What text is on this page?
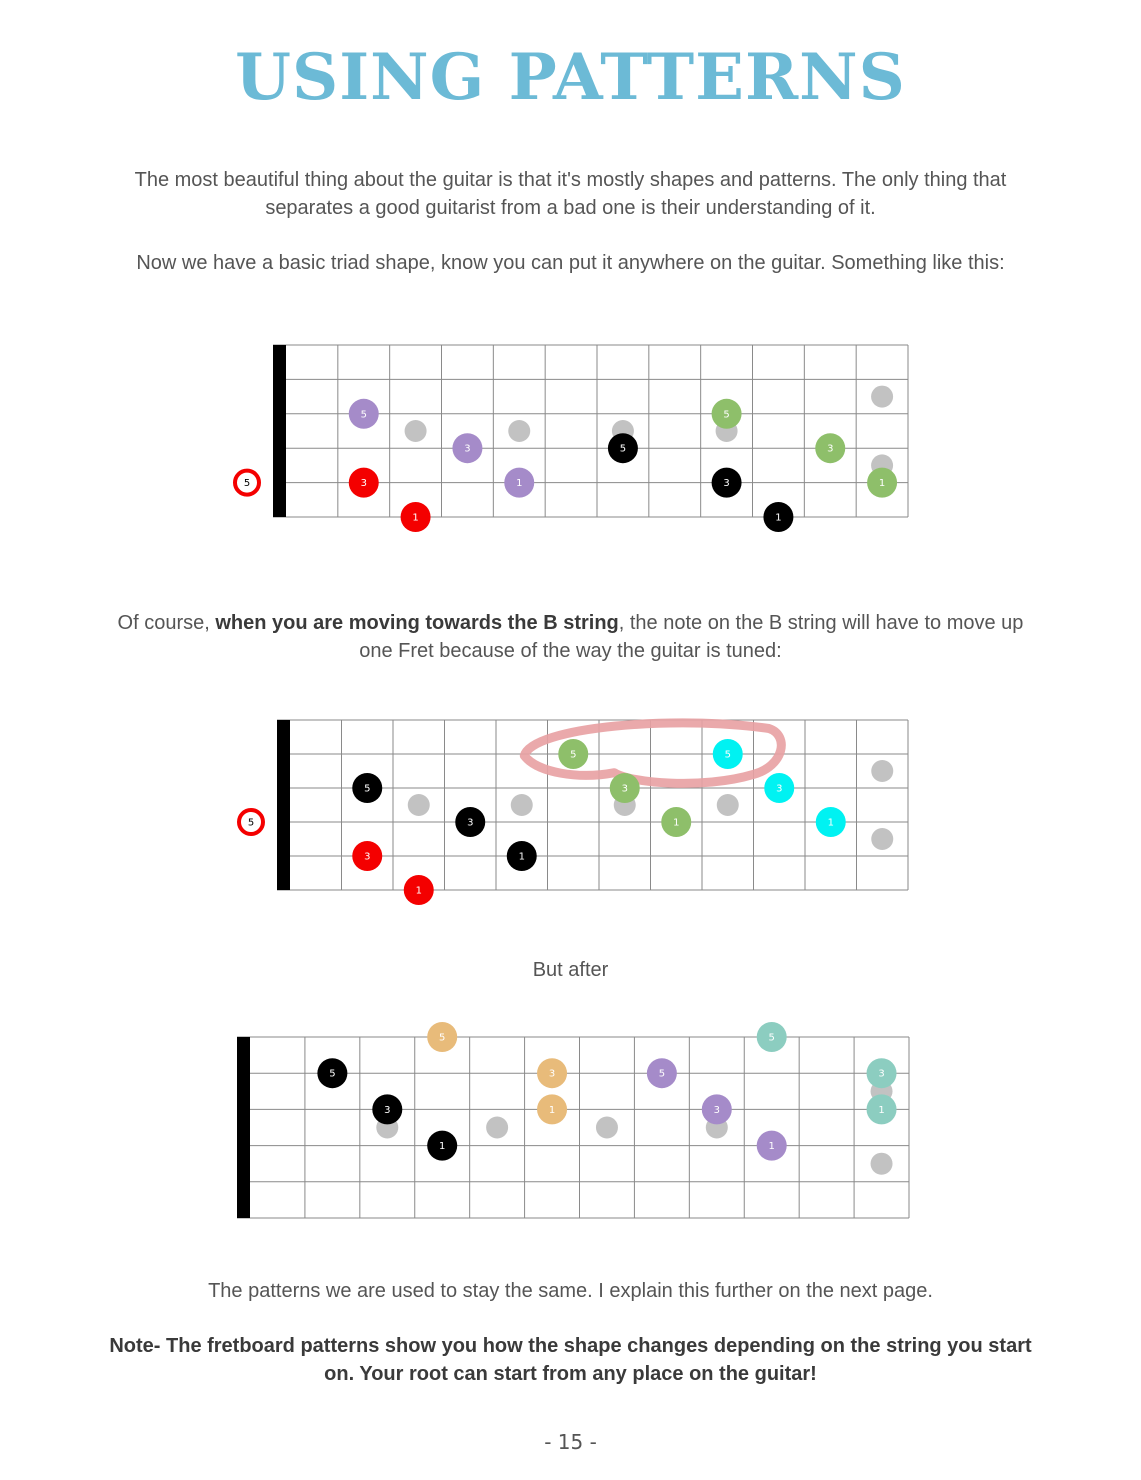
USING PATTERNS

The most beautiful thing about the guitar is that it's mostly shapes and patterns. The only thing that separates a good guitarist from a bad one is their understanding of it.

Now we have a basic triad shape, know you can put it anywhere on the guitar. Something like this:

5
5
3	5
5
3
3	1	3	1
1	1

Of course, when you are moving towards the B string, the note on the B string will have to move up one Fret because of the way the guitar is tuned:

5
5	5
5	3	3
3	1	1
3	1
1

But after

5	5
5	3	5	3
3	1	3	1
1	1

The patterns we are used to stay the same. I explain this further on the next page.

Note- The fretboard patterns show you how the shape changes depending on the string you start on. Your root can start from any place on the guitar!

- 15 -
